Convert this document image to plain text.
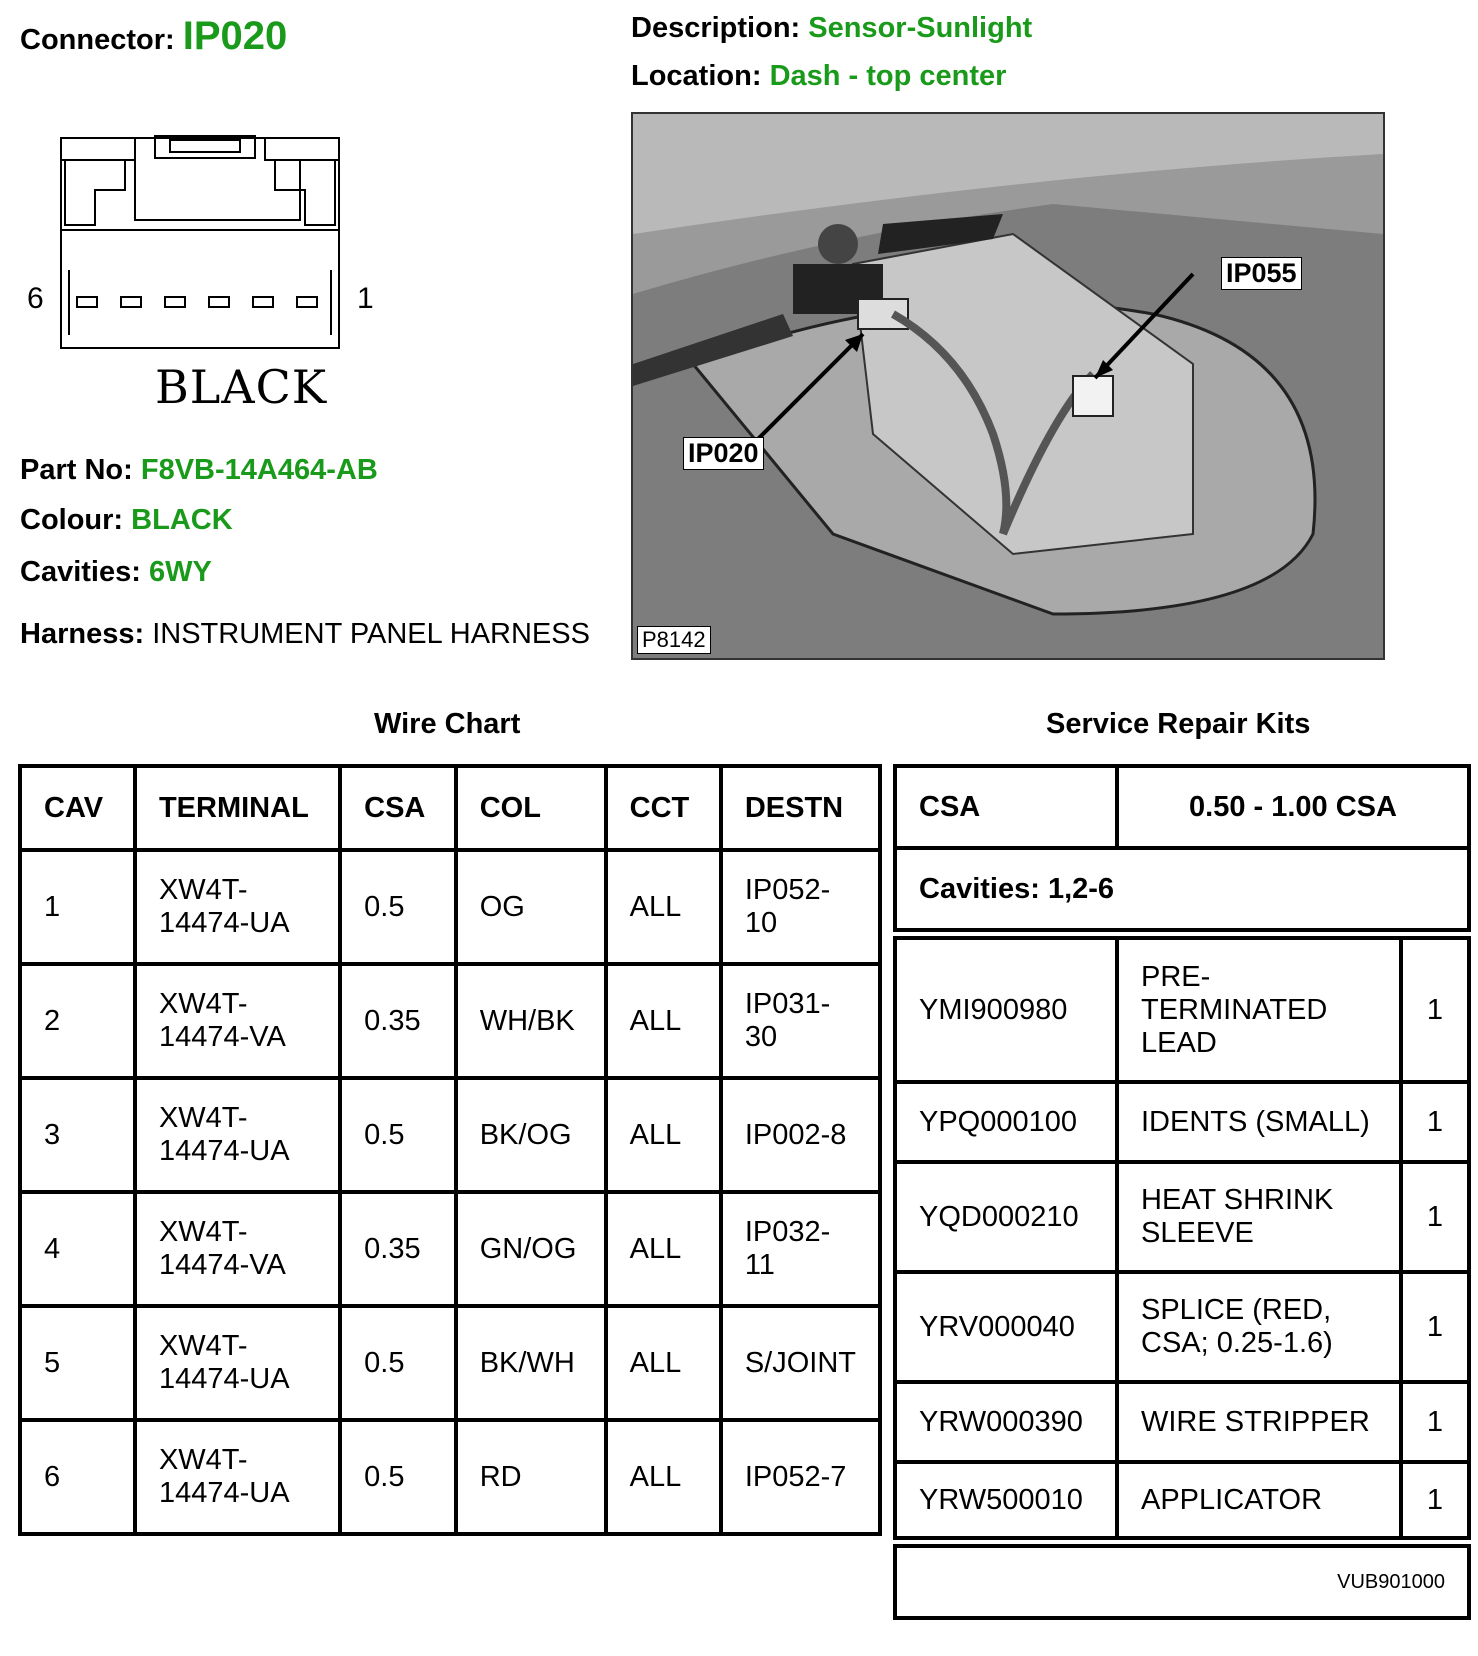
Connector: IP020	Description: Sensor-Sunlight
Location: Dash - top center
6	1
BLACK
Part No: F8VB-14A464-AB
Colour: BLACK
Cavities: 6WY
Harness: INSTRUMENT PANEL HARNESS
IP055
IP020
P8142
Wire Chart	Service Repair Kits
CAV	TERMINAL	CSA	COL	CCT	DESTN
1	XW4T-
14474-UA	0.5	OG	ALL	IP052-
10
2	XW4T-
14474-VA	0.35	WH/BK	ALL	IP031-
30
3	XW4T-
14474-UA	0.5	BK/OG	ALL	IP002-8
4	XW4T-
14474-VA	0.35	GN/OG	ALL	IP032-
11
5	XW4T-
14474-UA	0.5	BK/WH	ALL	S/JOINT
6	XW4T-
14474-UA	0.5	RD	ALL	IP052-7
CSA	0.50 - 1.00 CSA
Cavities: 1,2-6
YMI900980	PRE-
TERMINATED
LEAD	1
YPQ000100	IDENTS (SMALL)	1
YQD000210	HEAT SHRINK
SLEEVE	1
YRV000040	SPLICE (RED,
CSA; 0.25-1.6)	1
YRW000390	WIRE STRIPPER	1
YRW500010	APPLICATOR	1
VUB901000
